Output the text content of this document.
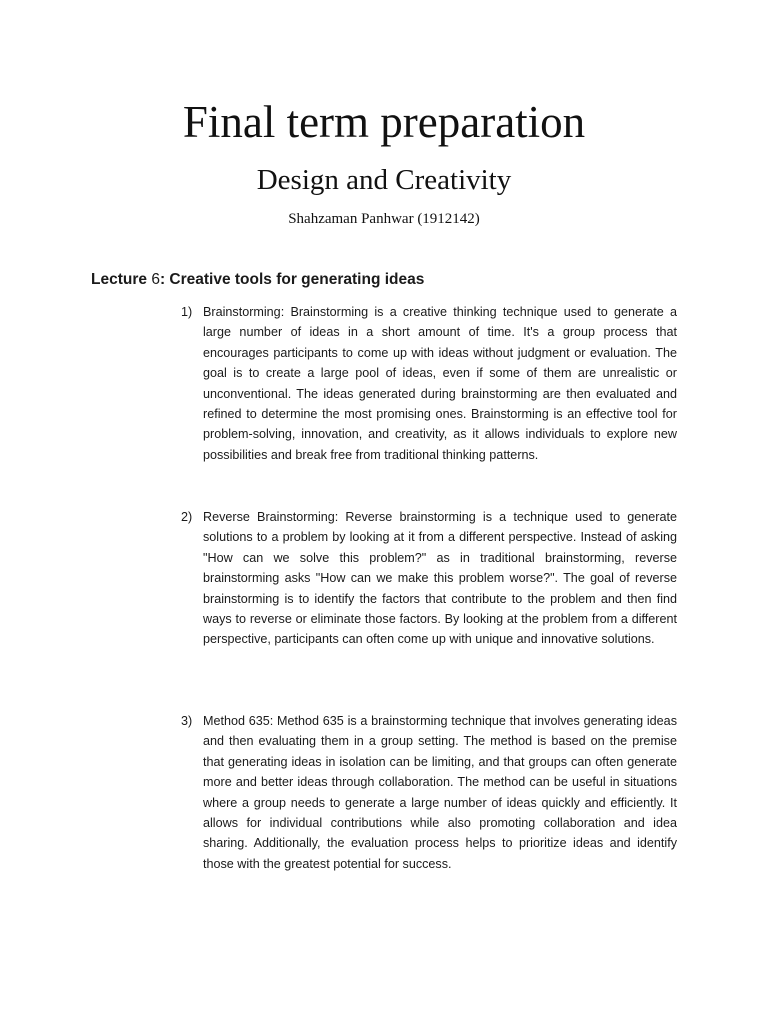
Final term preparation
Design and Creativity
Shahzaman Panhwar (1912142)
Lecture 6: Creative tools for generating ideas
1) Brainstorming: Brainstorming is a creative thinking technique used to generate a large number of ideas in a short amount of time. It's a group process that encourages participants to come up with ideas without judgment or evaluation. The goal is to create a large pool of ideas, even if some of them are unrealistic or unconventional. The ideas generated during brainstorming are then evaluated and refined to determine the most promising ones. Brainstorming is an effective tool for problem-solving, innovation, and creativity, as it allows individuals to explore new possibilities and break free from traditional thinking patterns.
2) Reverse Brainstorming: Reverse brainstorming is a technique used to generate solutions to a problem by looking at it from a different perspective. Instead of asking "How can we solve this problem?" as in traditional brainstorming, reverse brainstorming asks "How can we make this problem worse?". The goal of reverse brainstorming is to identify the factors that contribute to the problem and then find ways to reverse or eliminate those factors. By looking at the problem from a different perspective, participants can often come up with unique and innovative solutions.
3) Method 635: Method 635 is a brainstorming technique that involves generating ideas and then evaluating them in a group setting. The method is based on the premise that generating ideas in isolation can be limiting, and that groups can often generate more and better ideas through collaboration. The method can be useful in situations where a group needs to generate a large number of ideas quickly and efficiently. It allows for individual contributions while also promoting collaboration and idea sharing. Additionally, the evaluation process helps to prioritize ideas and identify those with the greatest potential for success.
